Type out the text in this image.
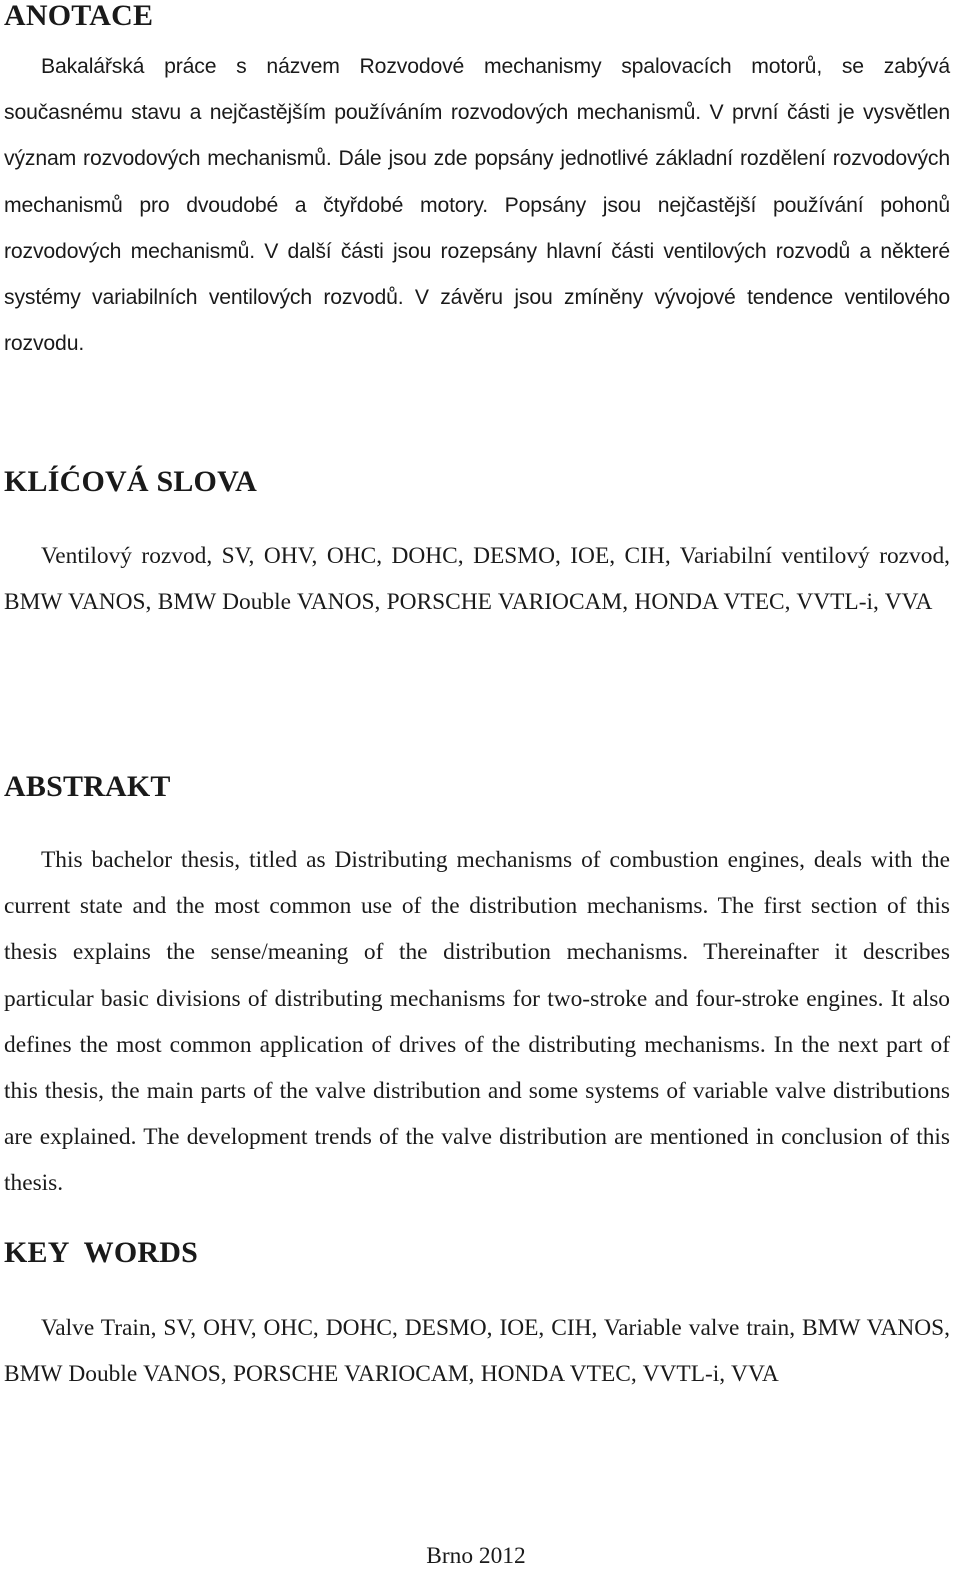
ANOTACE

Bakalářská práce s názvem Rozvodové mechanismy spalovacích motorů, se zabývá současnému stavu a nejčastějším používáním rozvodových mechanismů. V první části je vysvětlen význam rozvodových mechanismů. Dále jsou zde popsány jednotlivé základní rozdělení rozvodových mechanismů pro dvoudobé a čtyřdobé motory. Popsány jsou nejčastější používání pohonů rozvodových mechanismů. V další části jsou rozepsány hlavní části ventilových rozvodů a některé systémy variabilních ventilových rozvodů. V závěru jsou zmíněny vývojové tendence ventilového rozvodu.

KLÍĆOVÁ SLOVA

Ventilový rozvod, SV, OHV, OHC, DOHC, DESMO, IOE, CIH, Variabilní ventilový rozvod, BMW VANOS, BMW Double VANOS, PORSCHE VARIOCAM, HONDA VTEC, VVTL-i, VVA

ABSTRAKT

This bachelor thesis, titled as Distributing mechanisms of combustion engines, deals with the current state and the most common use of the distribution mechanisms. The first section of this thesis explains the sense/meaning of the distribution mechanisms. Thereinafter it describes particular basic divisions of distributing mechanisms for two-stroke and four-stroke engines. It also defines the most common application of drives of the distributing mechanisms. In the next part of this thesis, the main parts of the valve distribution and some systems of variable valve distributions are explained. The development trends of the valve distribution are mentioned in conclusion of this thesis.

KEY WORDS

Valve Train, SV, OHV, OHC, DOHC, DESMO, IOE, CIH, Variable valve train, BMW VANOS, BMW Double VANOS, PORSCHE VARIOCAM, HONDA VTEC, VVTL-i, VVA

Brno 2012
